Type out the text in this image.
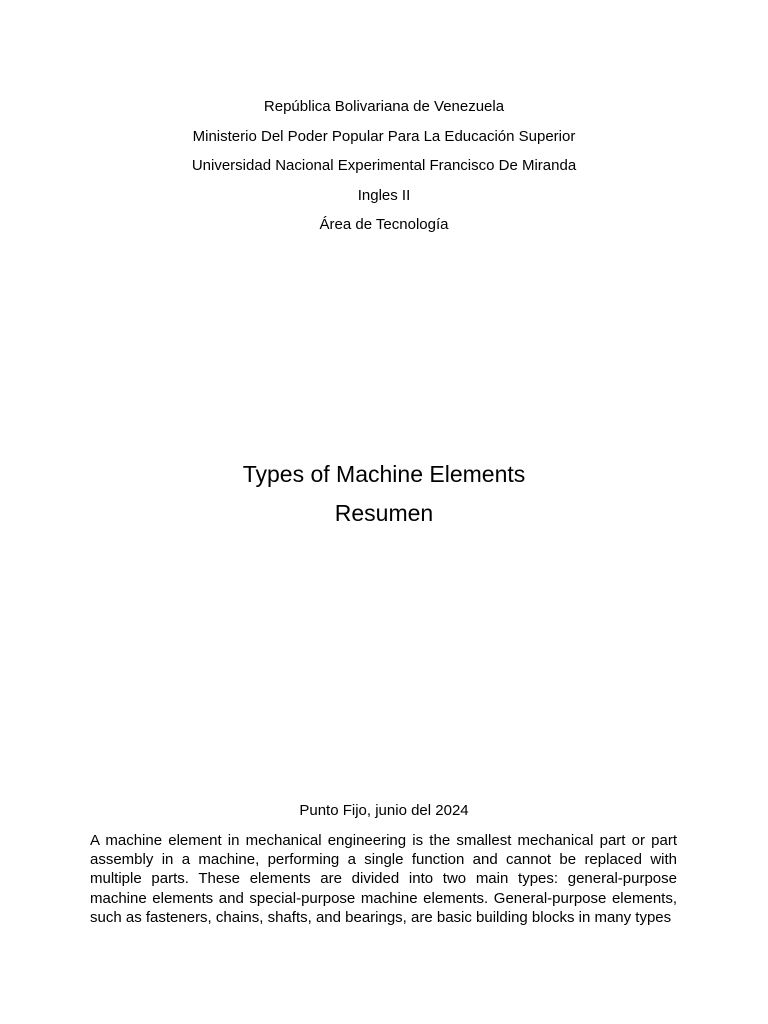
República Bolivariana de Venezuela
Ministerio Del Poder Popular Para La Educación Superior
Universidad Nacional Experimental Francisco De Miranda
Ingles II
Área de Tecnología
Types of Machine Elements
Resumen
Punto Fijo, junio del 2024

A machine element in mechanical engineering is the smallest mechanical part or part assembly in a machine, performing a single function and cannot be replaced with multiple parts. These elements are divided into two main types: general-purpose machine elements and special-purpose machine elements. General-purpose elements, such as fasteners, chains, shafts, and bearings, are basic building blocks in many types
